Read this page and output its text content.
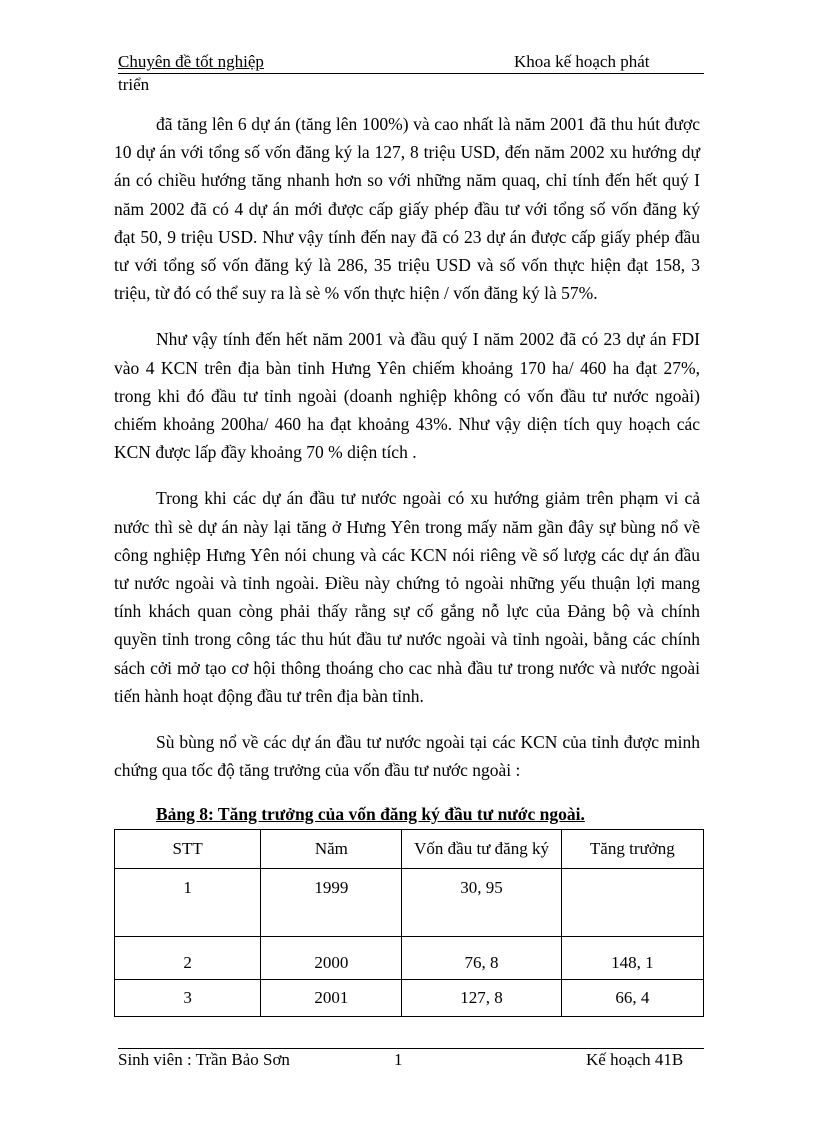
Chuyên đề tốt nghiệp	Khoa kế hoạch phát
triển

đã tăng lên 6 dự án (tăng lên 100%) và cao nhất là năm 2001 đã thu hút được 10 dự án với tổng số vốn đăng ký la 127, 8 triệu USD, đến năm 2002 xu hướng dự án có chiều hướng tăng nhanh hơn so với những năm quaq, chỉ tính đến hết quý I năm 2002 đã có 4 dự án mới được cấp giấy phép đầu tư với tổng số vốn đăng ký đạt 50, 9 triệu USD. Như vậy tính đến nay đã có 23 dự án được cấp giấy phép đầu tư với tổng số vốn đăng ký là 286, 35 triệu USD và số vốn thực hiện đạt 158, 3 triệu, từ đó có thể suy ra là sè % vốn thực hiện / vốn đăng ký là 57%.

Như vậy tính đến hết năm 2001 và đầu quý I năm 2002 đã có 23 dự án FDI vào 4 KCN trên địa bàn tỉnh Hưng Yên chiếm khoảng 170 ha/ 460 ha đạt 27%, trong khi đó đầu tư tỉnh ngoài (doanh nghiệp không có vốn đầu tư nước ngoài) chiếm khoảng 200ha/ 460 ha đạt khoảng 43%. Như vậy diện tích quy hoạch các KCN được lấp đầy khoảng 70 % diện tích .

Trong khi các dự án đầu tư nước ngoài có xu hướng giảm trên phạm vi cả nước thì sè dự án này lại tăng ở Hưng Yên trong mấy năm gần đây sự bùng nổ về công nghiệp Hưng Yên nói chung và các KCN nói riêng về số lượg các dự án đầu tư nước ngoài và tỉnh ngoài. Điều này chứng tỏ ngoài những yếu thuận lợi mang tính khách quan còng phải thấy rằng sự cố gắng nỗ lực của Đảng bộ và chính quyền tỉnh trong công tác thu hút đầu tư nước ngoài và tỉnh ngoài, bằng các chính sách cởi mở tạo cơ hội thông thoáng cho cac nhà đầu tư trong nước và nước ngoài tiến hành hoạt động đầu tư trên địa bàn tỉnh.

Sù bùng nổ về các dự án đầu tư nước ngoài tại các KCN của tỉnh được minh chứng qua tốc độ tăng trưởng của vốn đầu tư nước ngoài :

Bảng 8: Tăng trưởng của vốn đăng ký đầu tư nước ngoài.
STT	Năm	Vốn đầu tư đăng ký	Tăng trưởng
1	1999	30, 95	
2	2000	76, 8	148, 1
3	2001	127, 8	66, 4
Sinh viên : Trần Bảo Sơn	1	Kế hoạch 41B
